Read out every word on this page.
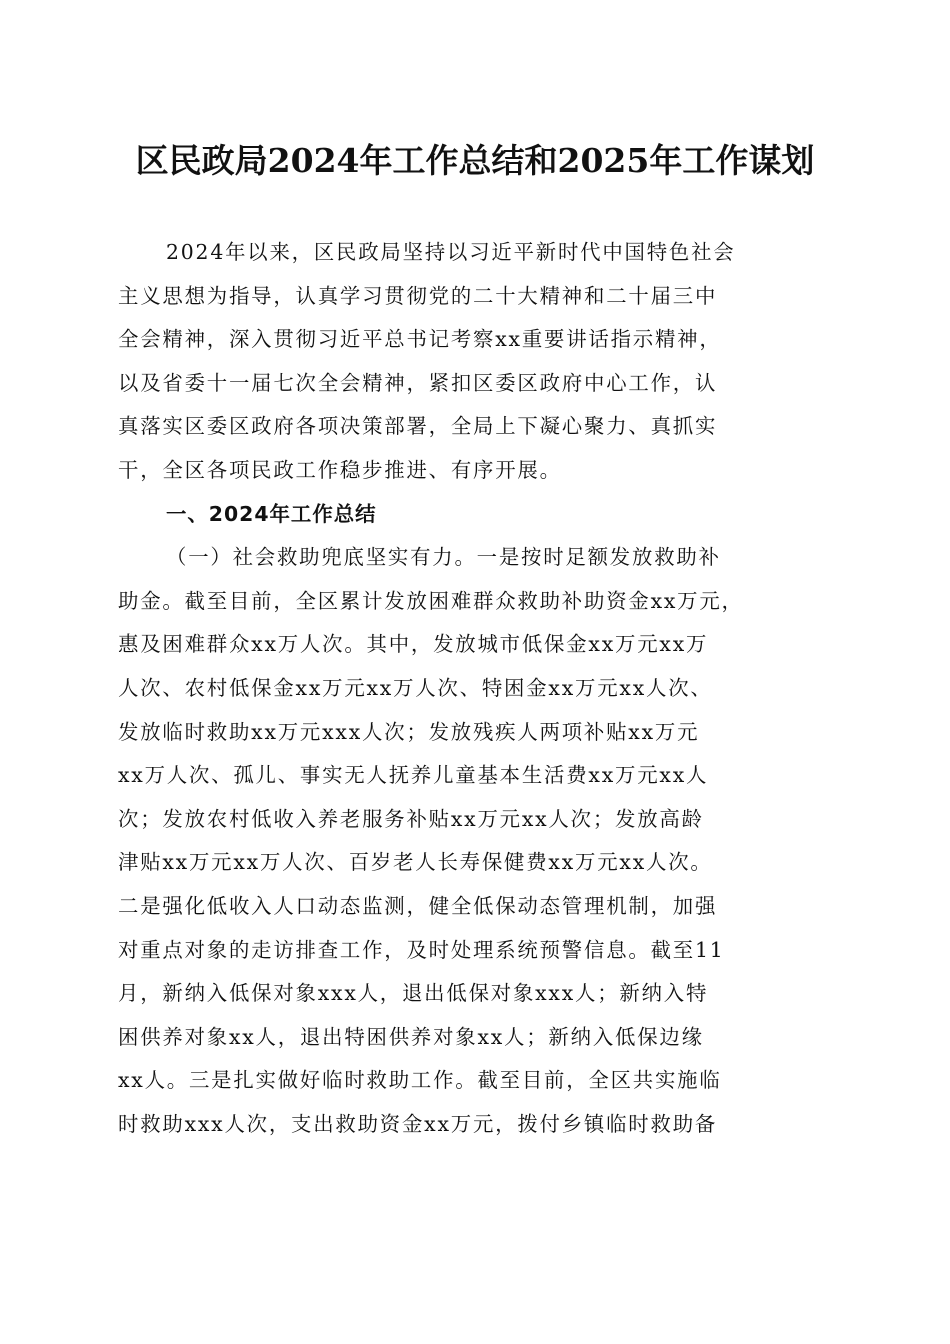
区民政局2024年工作总结和2025年工作谋划
2024年以来，区民政局坚持以习近平新时代中国特色社会
主义思想为指导，认真学习贯彻党的二十大精神和二十届三中
全会精神，深入贯彻习近平总书记考察xx重要讲话指示精神，
以及省委十一届七次全会精神，紧扣区委区政府中心工作，认
真落实区委区政府各项决策部署，全局上下凝心聚力、真抓实
干，全区各项民政工作稳步推进、有序开展。
一、2024年工作总结
（一）社会救助兜底坚实有力。一是按时足额发放救助补
助金。截至目前，全区累计发放困难群众救助补助资金xx万元，
惠及困难群众xx万人次。其中，发放城市低保金xx万元xx万
人次、农村低保金xx万元xx万人次、特困金xx万元xx人次、
发放临时救助xx万元xxx人次；发放残疾人两项补贴xx万元
xx万人次、孤儿、事实无人抚养儿童基本生活费xx万元xx人
次；发放农村低收入养老服务补贴xx万元xx人次；发放高龄
津贴xx万元xx万人次、百岁老人长寿保健费xx万元xx人次。
二是强化低收入人口动态监测，健全低保动态管理机制，加强
对重点对象的走访排查工作，及时处理系统预警信息。截至11
月，新纳入低保对象xxx人，退出低保对象xxx人；新纳入特
困供养对象xx人，退出特困供养对象xx人；新纳入低保边缘
xx人。三是扎实做好临时救助工作。截至目前，全区共实施临
时救助xxx人次，支出救助资金xx万元，拨付乡镇临时救助备
